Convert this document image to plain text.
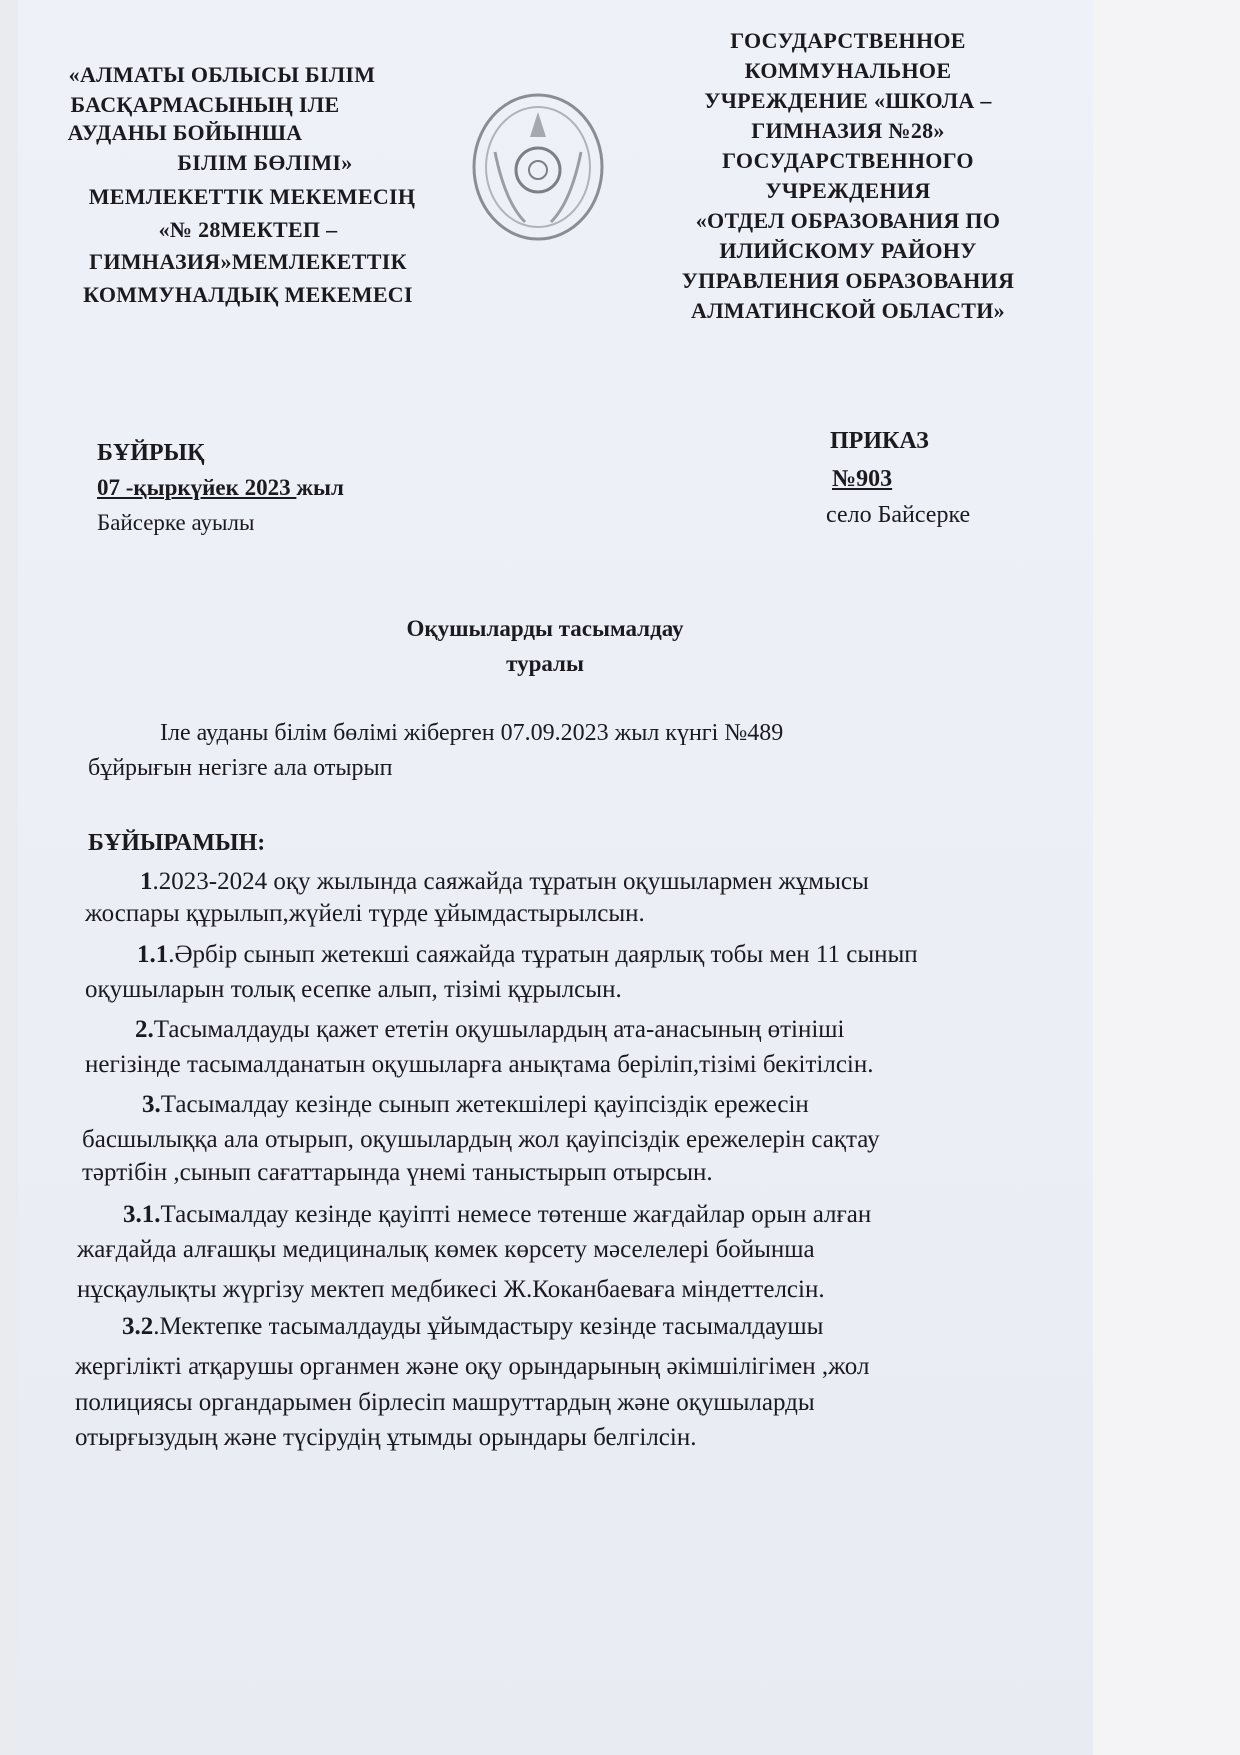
«АЛМАТЫ ОБЛЫСЫ БІЛІМ
БАСҚАРМАСЫНЫҢ ІЛЕ
АУДАНЫ БОЙЫНША
БІЛІМ БӨЛІМІ»
МЕМЛЕКЕТТІК МЕКЕМЕСІҢ
«№ 28МЕКТЕП –
ГИМНАЗИЯ»МЕМЛЕКЕТТІК
КОММУНАЛДЫҚ МЕКЕМЕСІ
ГОСУДАРСТВЕННОЕ
КОММУНАЛЬНОЕ
УЧРЕЖДЕНИЕ «ШКОЛА –
ГИМНАЗИЯ №28»
ГОСУДАРСТВЕННОГО
УЧРЕЖДЕНИЯ
«ОТДЕЛ ОБРАЗОВАНИЯ ПО
ИЛИЙСКОМУ РАЙОНУ
УПРАВЛЕНИЯ ОБРАЗОВАНИЯ
АЛМАТИНСКОЙ ОБЛАСТИ»
БҰЙРЫҚ
07 -қыркүйек 2023 жыл
Байсерке ауылы
ПРИКАЗ
№903
село Байсерке
Оқушыларды тасымалдау
туралы
Іле ауданы білім бөлімі жіберген 07.09.2023 жыл күнгі №489
бұйрығын негізге ала отырып
БҰЙЫРАМЫН:
1.2023-2024 оқу жылында саяжайда тұратын оқушылармен жұмысы
жоспары құрылып,жүйелі түрде ұйымдастырылсын.
1.1.Әрбір сынып жетекші саяжайда тұратын даярлық тобы мен 11 сынып
оқушыларын толық есепке алып, тізімі құрылсын.
2.Тасымалдауды қажет ететін оқушылардың ата-анасының өтініші
негізінде тасымалданатын оқушыларға анықтама беріліп,тізімі бекітілсін.
3.Тасымалдау кезінде сынып жетекшілері қауіпсіздік ережесін
басшылыққа ала отырып, оқушылардың жол қауіпсіздік ережелерін сақтау
тәртібін ,сынып сағаттарында үнемі таныстырып отырсын.
3.1.Тасымалдау кезінде қауіпті немесе төтенше жағдайлар орын алған
жағдайда алғашқы медициналық көмек көрсету мәселелері бойынша
нұсқаулықты жүргізу мектеп медбикесі Ж.Коканбаеваға міндеттелсін.
3.2.Мектепке тасымалдауды ұйымдастыру кезінде тасымалдаушы
жергілікті атқарушы органмен және оқу орындарының әкімшілігімен ,жол
полициясы органдарымен бірлесіп машруттардың және оқушыларды
отырғызудың және түсірудің ұтымды орындары белгілсін.
